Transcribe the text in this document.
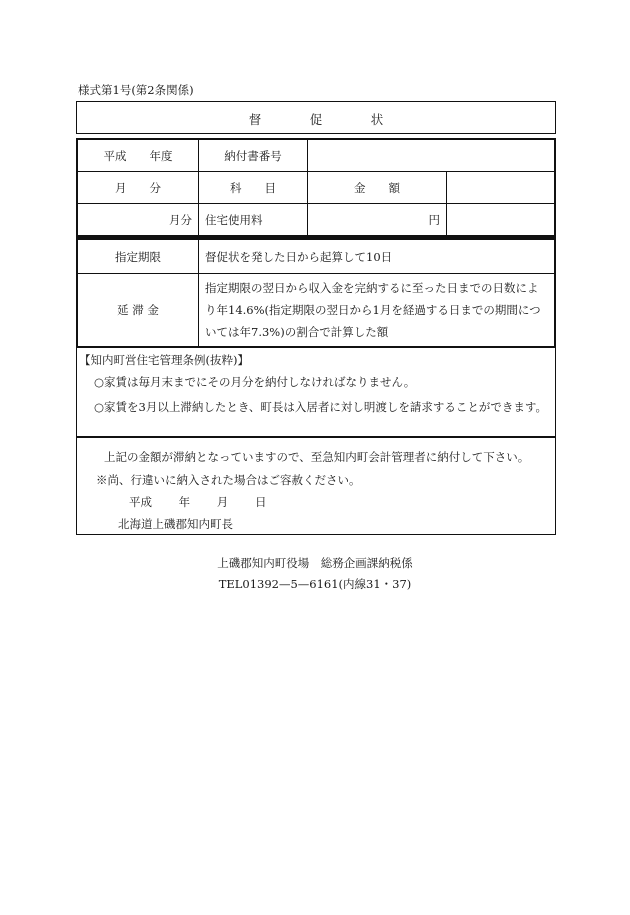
様式第1号(第2条関係)
督　促　状
平成　　年度	納付書番号		
月　　分	科　　目	金　　額	
月分	住宅使用料	円	
指定期限	督促状を発した日から起算して10日
延 滞 金	指定期限の翌日から収入金を完納するに至った日までの日数により年14.6%(指定期限の翌日から1月を経過する日までの期間については年7.3%)の割合で計算した額
【知内町営住宅管理条例(抜粋)】
○家賃は毎月末までにその月分を納付しなければなりません。
○家賃を3月以上滞納したとき、町長は入居者に対し明渡しを請求することができます。
上記の金額が滞納となっていますので、至急知内町会計管理者に納付して下さい。
※尚、行違いに納入された場合はご容赦ください。
平成　　 年　　 月　　 日
北海道上磯郡知内町長
上磯郡知内町役場　総務企画課納税係
TEL01392—5—6161(内線31・37)
